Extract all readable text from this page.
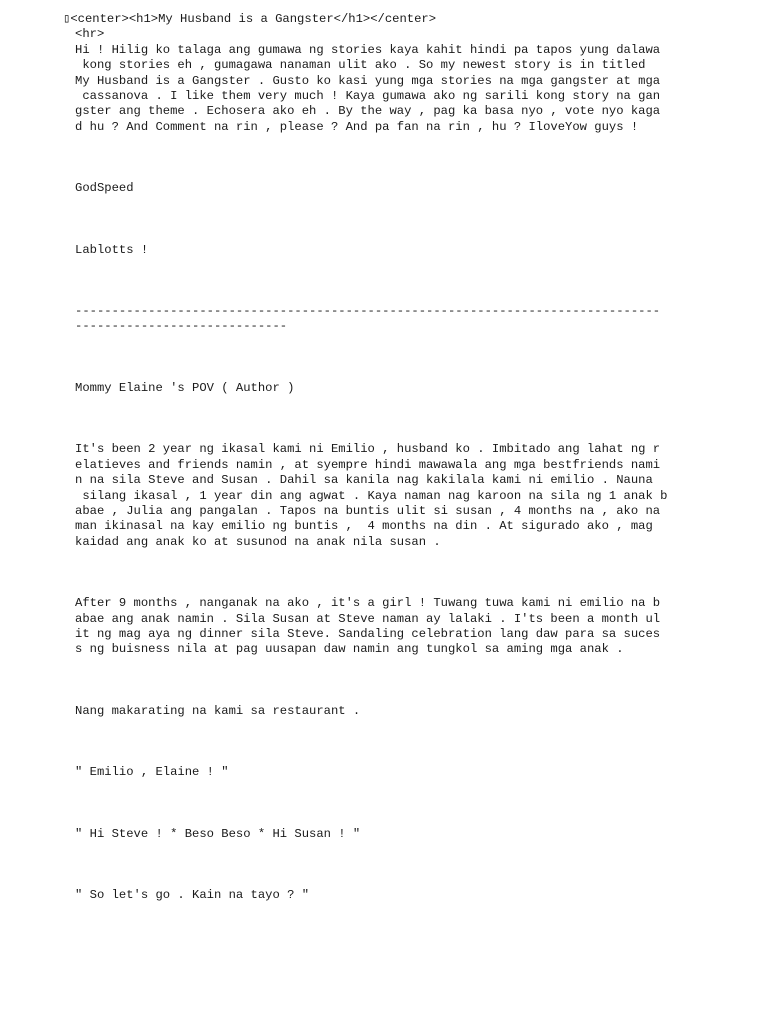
▯<center><h1>My Husband is a Gangster</h1></center>
<hr>
Hi ! Hilig ko talaga ang gumawa ng stories kaya kahit hindi pa tapos yung dalawa
kong stories eh , gumagawa nanaman ulit ako . So my newest story is in titled
My Husband is a Gangster . Gusto ko kasi yung mga stories na mga gangster at mga
cassanova . I like them very much ! Kaya gumawa ako ng sarili kong story na gan
gster ang theme . Echosera ako eh . By the way , pag ka basa nyo , vote nyo kaga
d hu ? And Comment na rin , please ? And pa fan na rin , hu ? IloveYow guys !
GodSpeed
Lablotts !
--------------------------------------------------------------------------------
-----------------------------
Mommy Elaine 's POV ( Author )
It's been 2 year ng ikasal kami ni Emilio , husband ko . Imbitado ang lahat ng r
elatieves and friends namin , at syempre hindi mawawala ang mga bestfriends nami
n na sila Steve and Susan . Dahil sa kanila nag kakilala kami ni emilio . Nauna
silang ikasal , 1 year din ang agwat . Kaya naman nag karoon na sila ng 1 anak b
abae , Julia ang pangalan . Tapos na buntis ulit si susan , 4 months na , ako na
man ikinasal na kay emilio ng buntis ,  4 months na din . At sigurado ako , mag
kaidad ang anak ko at susunod na anak nila susan .
After 9 months , nanganak na ako , it's a girl ! Tuwang tuwa kami ni emilio na b
abae ang anak namin . Sila Susan at Steve naman ay lalaki . I'ts been a month ul
it ng mag aya ng dinner sila Steve. Sandaling celebration lang daw para sa suces
s ng buisness nila at pag uusapan daw namin ang tungkol sa aming mga anak .
Nang makarating na kami sa restaurant .
" Emilio , Elaine ! "
" Hi Steve ! * Beso Beso * Hi Susan ! "
" So let's go . Kain na tayo ? "
